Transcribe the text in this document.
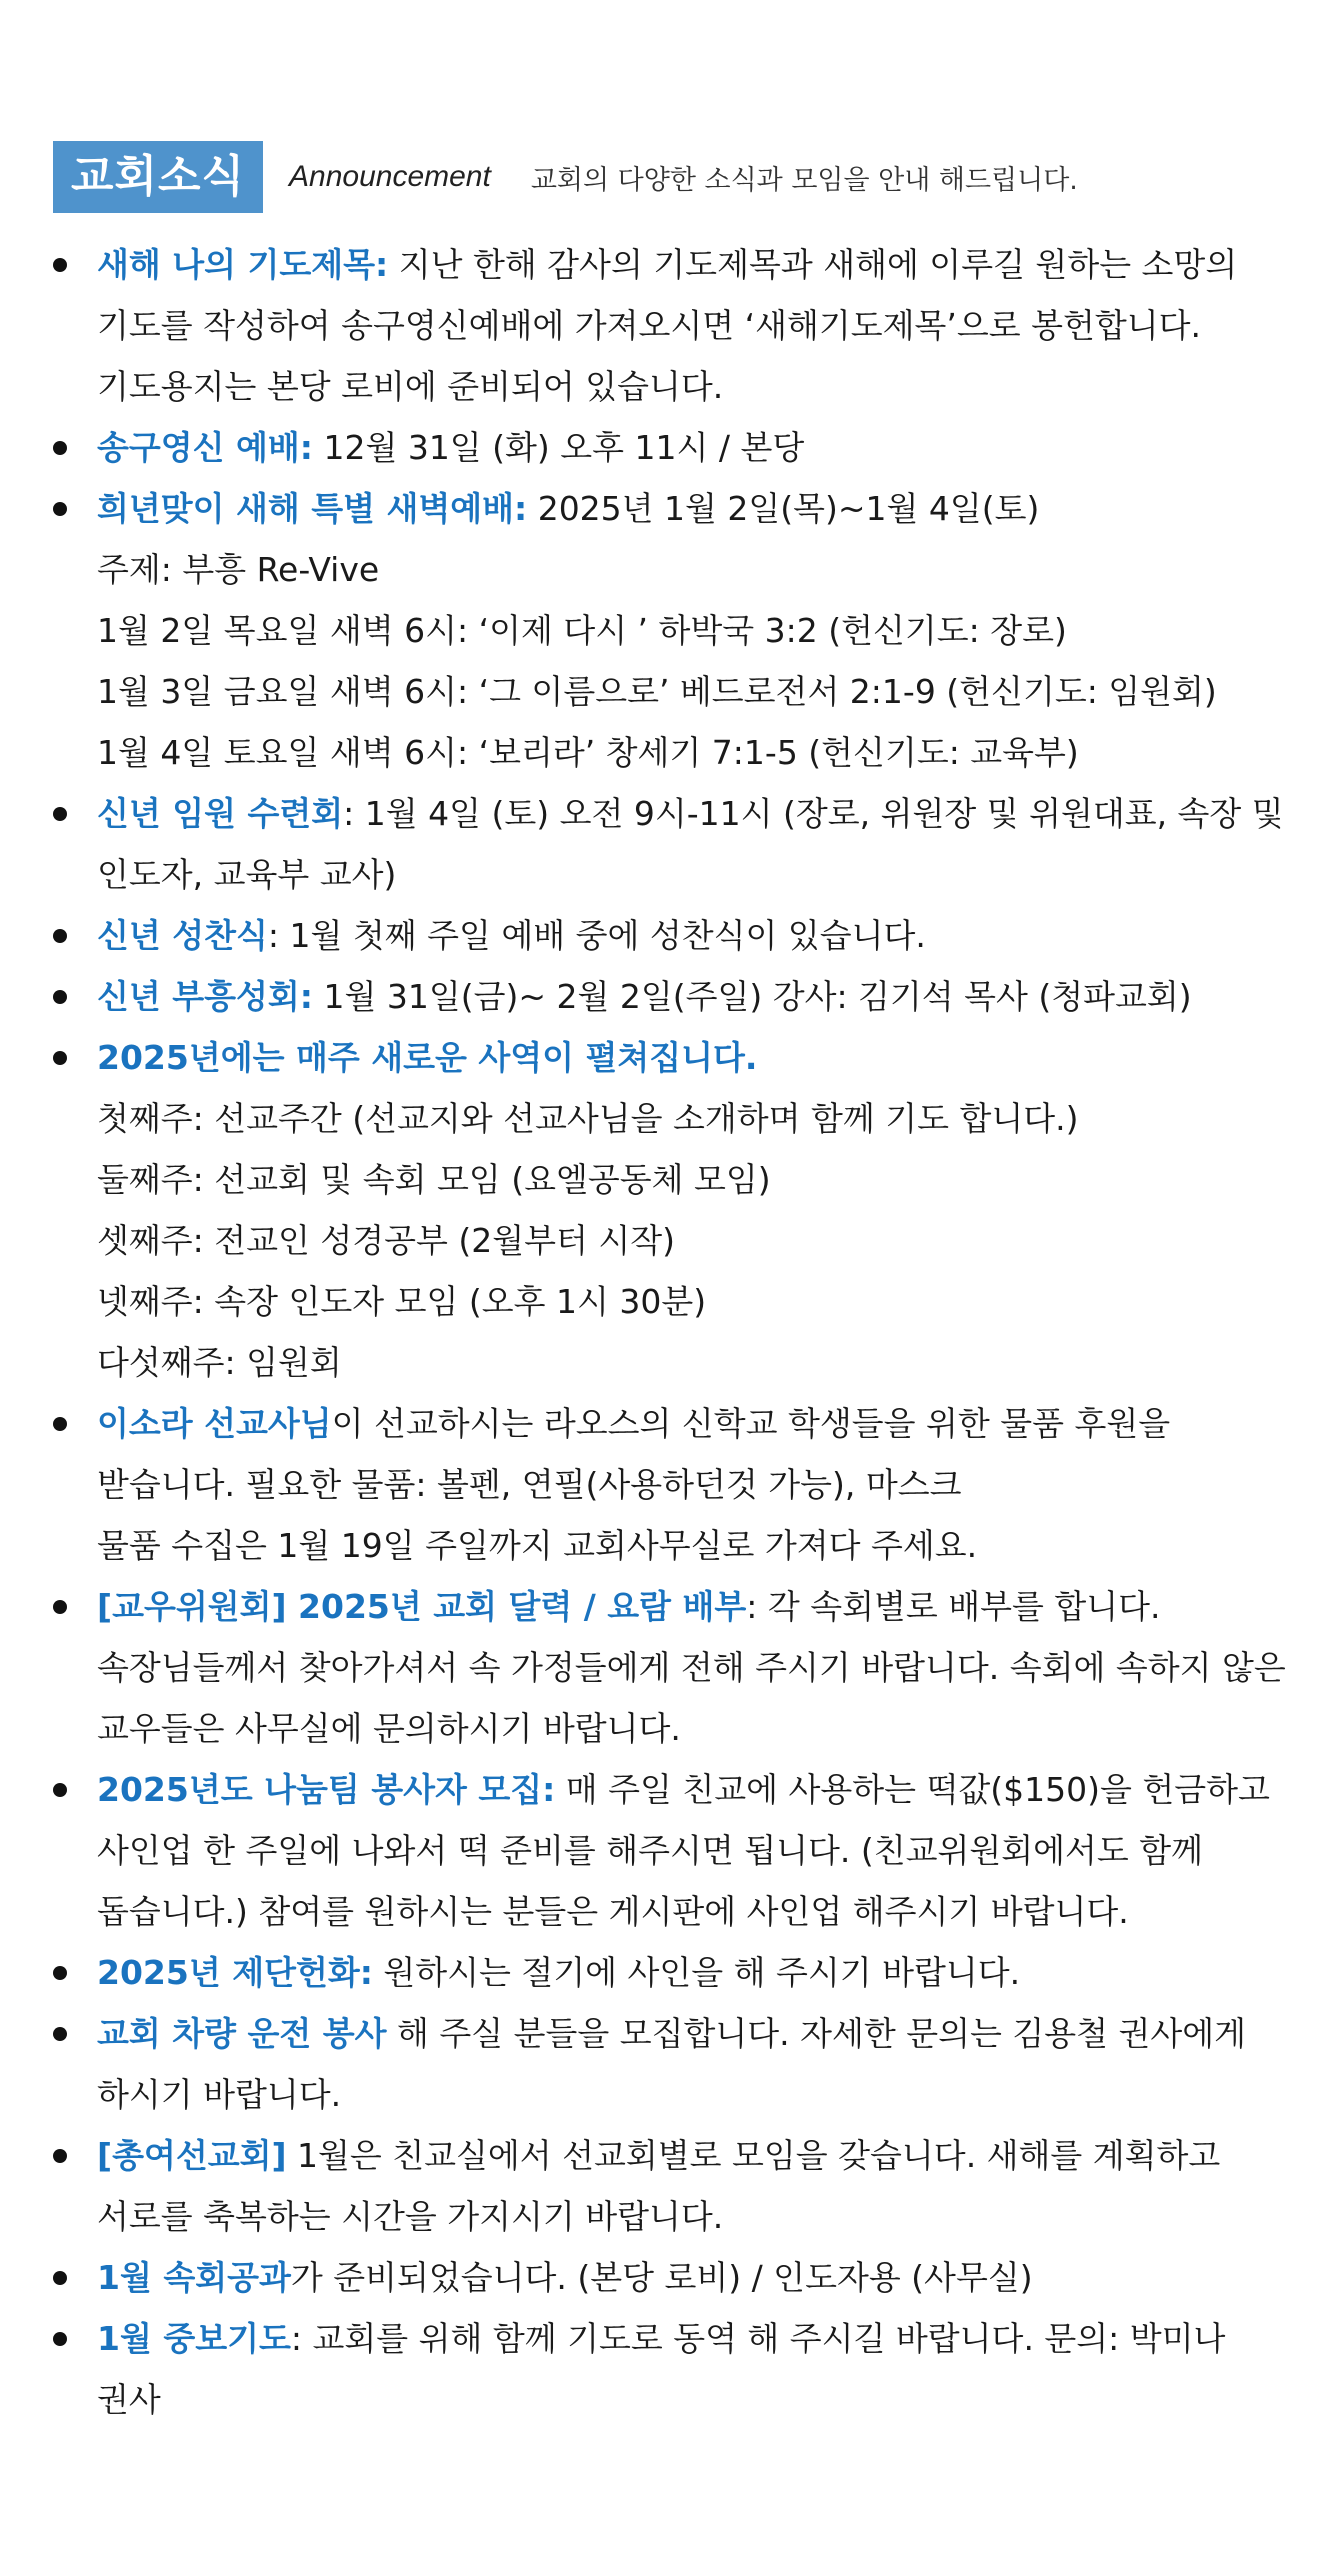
교회소식	Announcement 교회의 다양한 소식과 모임을 안내 해드립니다.
새해 나의 기도제목: 지난 한해 감사의 기도제목과 새해에 이루길 원하는 소망의 기도를 작성하여 송구영신예배에 가져오시면 ‘새해기도제목’으로 봉헌합니다. 기도용지는 본당 로비에 준비되어 있습니다.
송구영신 예배: 12월 31일 (화) 오후 11시 / 본당
희년맞이 새해 특별 새벽예배: 2025년 1월 2일(목)~1월 4일(토)
주제: 부흥 Re-Vive
1월 2일 목요일 새벽 6시: ‘이제 다시 ’ 하박국 3:2 (헌신기도: 장로)
1월 3일 금요일 새벽 6시: ‘그 이름으로’ 베드로전서 2:1-9 (헌신기도: 임원회)
1월 4일 토요일 새벽 6시: ‘보리라’ 창세기 7:1-5 (헌신기도: 교육부)
신년 임원 수련회: 1월 4일 (토) 오전 9시-11시 (장로, 위원장 및 위원대표, 속장 및 인도자, 교육부 교사)
신년 성찬식: 1월 첫째 주일 예배 중에 성찬식이 있습니다.
신년 부흥성회: 1월 31일(금)~ 2월 2일(주일) 강사: 김기석 목사 (청파교회)
2025년에는 매주 새로운 사역이 펼쳐집니다.
첫째주: 선교주간 (선교지와 선교사님을 소개하며 함께 기도 합니다.)
둘째주: 선교회 및 속회 모임 (요엘공동체 모임)
셋째주: 전교인 성경공부 (2월부터 시작)
넷째주: 속장 인도자 모임 (오후 1시 30분)
다섯째주: 임원회
이소라 선교사님이 선교하시는 라오스의 신학교 학생들을 위한 물품 후원을 받습니다. 필요한 물품: 볼펜, 연필(사용하던것 가능), 마스크
물품 수집은 1월 19일 주일까지 교회사무실로 가져다 주세요.
[교우위원회] 2025년 교회 달력 / 요람 배부: 각 속회별로 배부를 합니다. 속장님들께서 찾아가셔서 속 가정들에게 전해 주시기 바랍니다. 속회에 속하지 않은 교우들은 사무실에 문의하시기 바랍니다.
2025년도 나눔팀 봉사자 모집: 매 주일 친교에 사용하는 떡값($150)을 헌금하고 사인업 한 주일에 나와서 떡 준비를 해주시면 됩니다. (친교위원회에서도 함께 돕습니다.) 참여를 원하시는 분들은 게시판에 사인업 해주시기 바랍니다.
2025년 제단헌화: 원하시는 절기에 사인을 해 주시기 바랍니다.
교회 차량 운전 봉사 해 주실 분들을 모집합니다. 자세한 문의는 김용철 권사에게 하시기 바랍니다.
[총여선교회] 1월은 친교실에서 선교회별로 모임을 갖습니다. 새해를 계획하고 서로를 축복하는 시간을 가지시기 바랍니다.
1월 속회공과가 준비되었습니다. (본당 로비) / 인도자용 (사무실)
1월 중보기도: 교회를 위해 함께 기도로 동역 해 주시길 바랍니다. 문의: 박미나 권사
